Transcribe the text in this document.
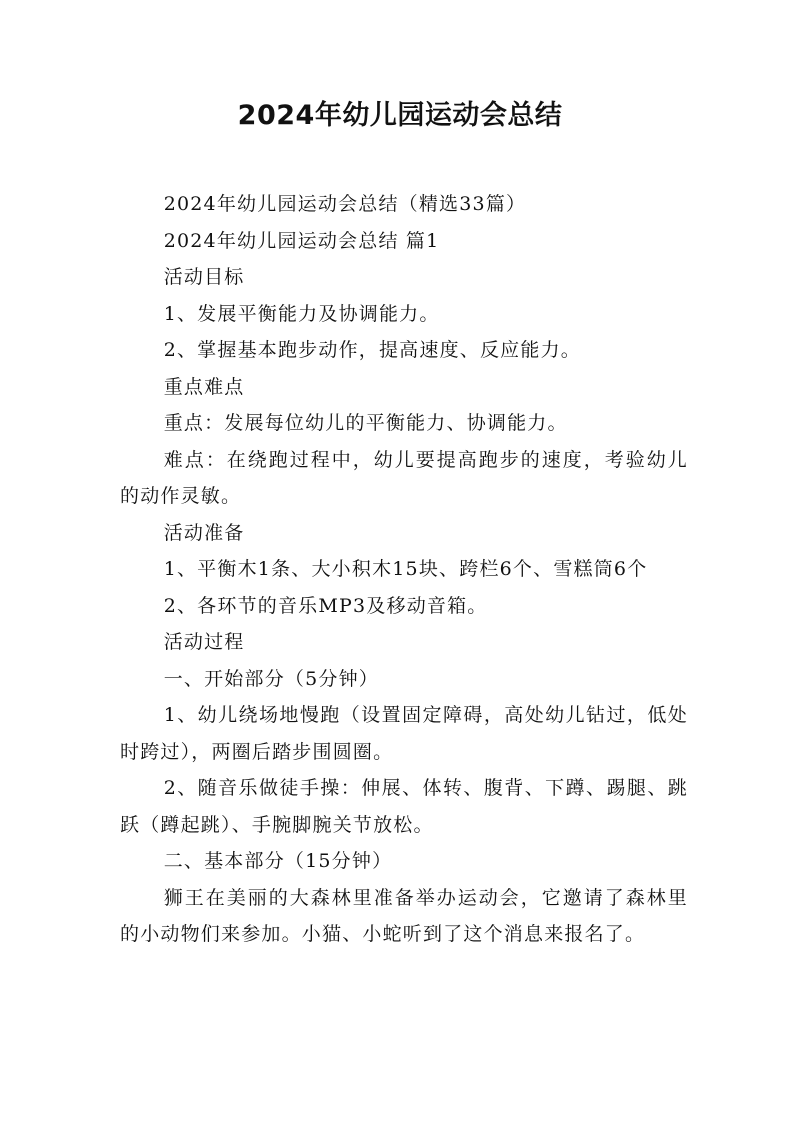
2024年幼儿园运动会总结

2024年幼儿园运动会总结（精选33篇）

2024年幼儿园运动会总结 篇1

活动目标

1、发展平衡能力及协调能力。

2、掌握基本跑步动作，提高速度、反应能力。

重点难点

重点：发展每位幼儿的平衡能力、协调能力。

难点：在绕跑过程中，幼儿要提高跑步的速度，考验幼儿的动作灵敏。

活动准备

1、平衡木1条、大小积木15块、跨栏6个、雪糕筒6个

2、各环节的音乐MP3及移动音箱。

活动过程

一、开始部分（5分钟）

1、幼儿绕场地慢跑（设置固定障碍，高处幼儿钻过，低处时跨过），两圈后踏步围圆圈。

2、随音乐做徒手操：伸展、体转、腹背、下蹲、踢腿、跳跃（蹲起跳）、手腕脚腕关节放松。

二、基本部分（15分钟）

狮王在美丽的大森林里准备举办运动会，它邀请了森林里的小动物们来参加。小猫、小蛇听到了这个消息来报名了。
